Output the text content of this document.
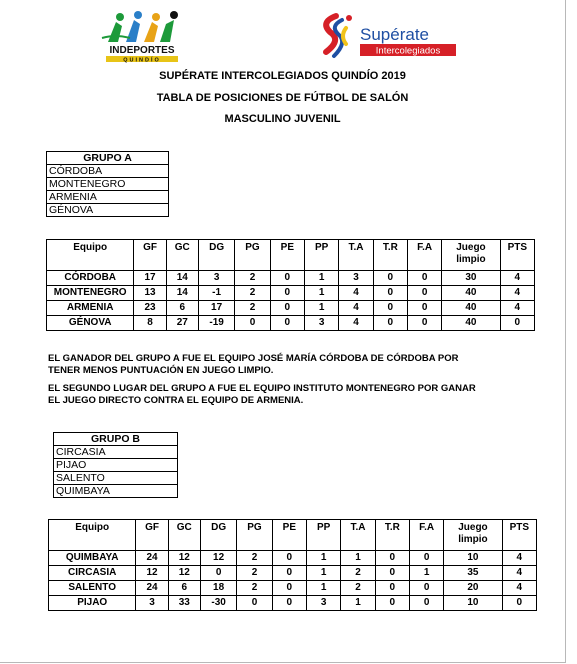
INDEPORTES
QUINDÍO
Supérate
Intercolegiados
SUPÉRATE INTERCOLEGIADOS QUINDÍO 2019
TABLA DE POSICIONES DE FÚTBOL DE SALÓN
MASCULINO JUVENIL
GRUPO A
CÓRDOBA
MONTENEGRO
ARMENIA
GÉNOVA
Equipo	GF	GC	DG	PG	PE	PP	T.A	T.R	F.A	Juego limpio	PTS
CÓRDOBA	17	14	3	2	0	1	3	0	0	30	4
MONTENEGRO	13	14	-1	2	0	1	4	0	0	40	4
ARMENIA	23	6	17	2	0	1	4	0	0	40	4
GÉNOVA	8	27	-19	0	0	3	4	0	0	40	0
EL GANADOR DEL GRUPO A FUE EL EQUIPO JOSÉ MARÍA CÓRDOBA DE CÓRDOBA POR TENER MENOS PUNTUACIÓN EN JUEGO LIMPIO.
EL SEGUNDO LUGAR DEL GRUPO A FUE EL EQUIPO INSTITUTO MONTENEGRO POR GANAR EL JUEGO DIRECTO CONTRA EL EQUIPO DE ARMENIA.
GRUPO B
CIRCASIA
PIJAO
SALENTO
QUIMBAYA
Equipo	GF	GC	DG	PG	PE	PP	T.A	T.R	F.A	Juego limpio	PTS
QUIMBAYA	24	12	12	2	0	1	1	0	0	10	4
CIRCASIA	12	12	0	2	0	1	2	0	1	35	4
SALENTO	24	6	18	2	0	1	2	0	0	20	4
PIJAO	3	33	-30	0	0	3	1	0	0	10	0
